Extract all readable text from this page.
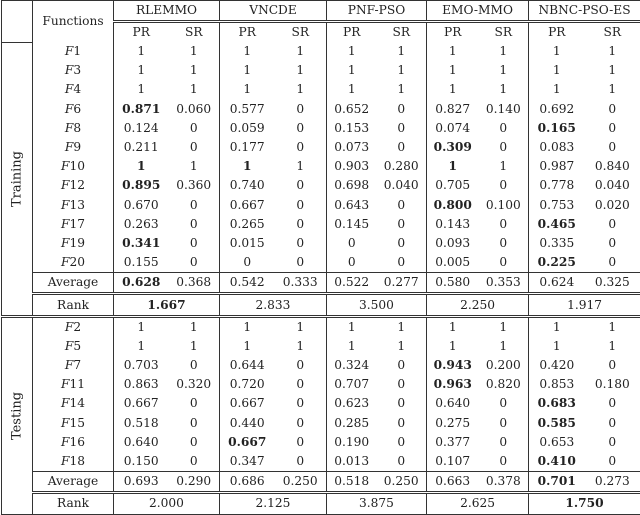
	Functions	RLEMMO		VNCDE		PNF-PSO		EMO-MMO		NBNC-PSO-ES	
		PR	SR	PR	SR	PR	SR	PR	SR	PR	SR

Training	F1	1	1	1	1	1	1	1	1	1	1
	F3	1	1	1	1	1	1	1	1	1	1
	F4	1	1	1	1	1	1	1	1	1	1
	F6	0.871	0.060	0.577	0	0.652	0	0.827	0.140	0.692	0
	F8	0.124	0	0.059	0	0.153	0	0.074	0	0.165	0
	F9	0.211	0	0.177	0	0.073	0	0.309	0	0.083	0
	F10	1	1	1	1	0.903	0.280	1	1	0.987	0.840
	F12	0.895	0.360	0.740	0	0.698	0.040	0.705	0	0.778	0.040
	F13	0.670	0	0.667	0	0.643	0	0.800	0.100	0.753	0.020
	F17	0.263	0	0.265	0	0.145	0	0.143	0	0.465	0
	F19	0.341	0	0.015	0	0	0	0.093	0	0.335	0
	F20	0.155	0	0	0	0	0	0.005	0	0.225	0
	Average	0.628	0.368	0.542	0.333	0.522	0.277	0.580	0.353	0.624	0.325
	Rank	1.667		2.833		3.500		2.250		1.917	

Testing	F2	1	1	1	1	1	1	1	1	1	1
	F5	1	1	1	1	1	1	1	1	1	1
	F7	0.703	0	0.644	0	0.324	0	0.943	0.200	0.420	0
	F11	0.863	0.320	0.720	0	0.707	0	0.963	0.820	0.853	0.180
	F14	0.667	0	0.667	0	0.623	0	0.640	0	0.683	0
	F15	0.518	0	0.440	0	0.285	0	0.275	0	0.585	0
	F16	0.640	0	0.667	0	0.190	0	0.377	0	0.653	0
	F18	0.150	0	0.347	0	0.013	0	0.107	0	0.410	0
	Average	0.693	0.290	0.686	0.250	0.518	0.250	0.663	0.378	0.701	0.273
	Rank	2.000		2.125		3.875		2.625		1.750	
